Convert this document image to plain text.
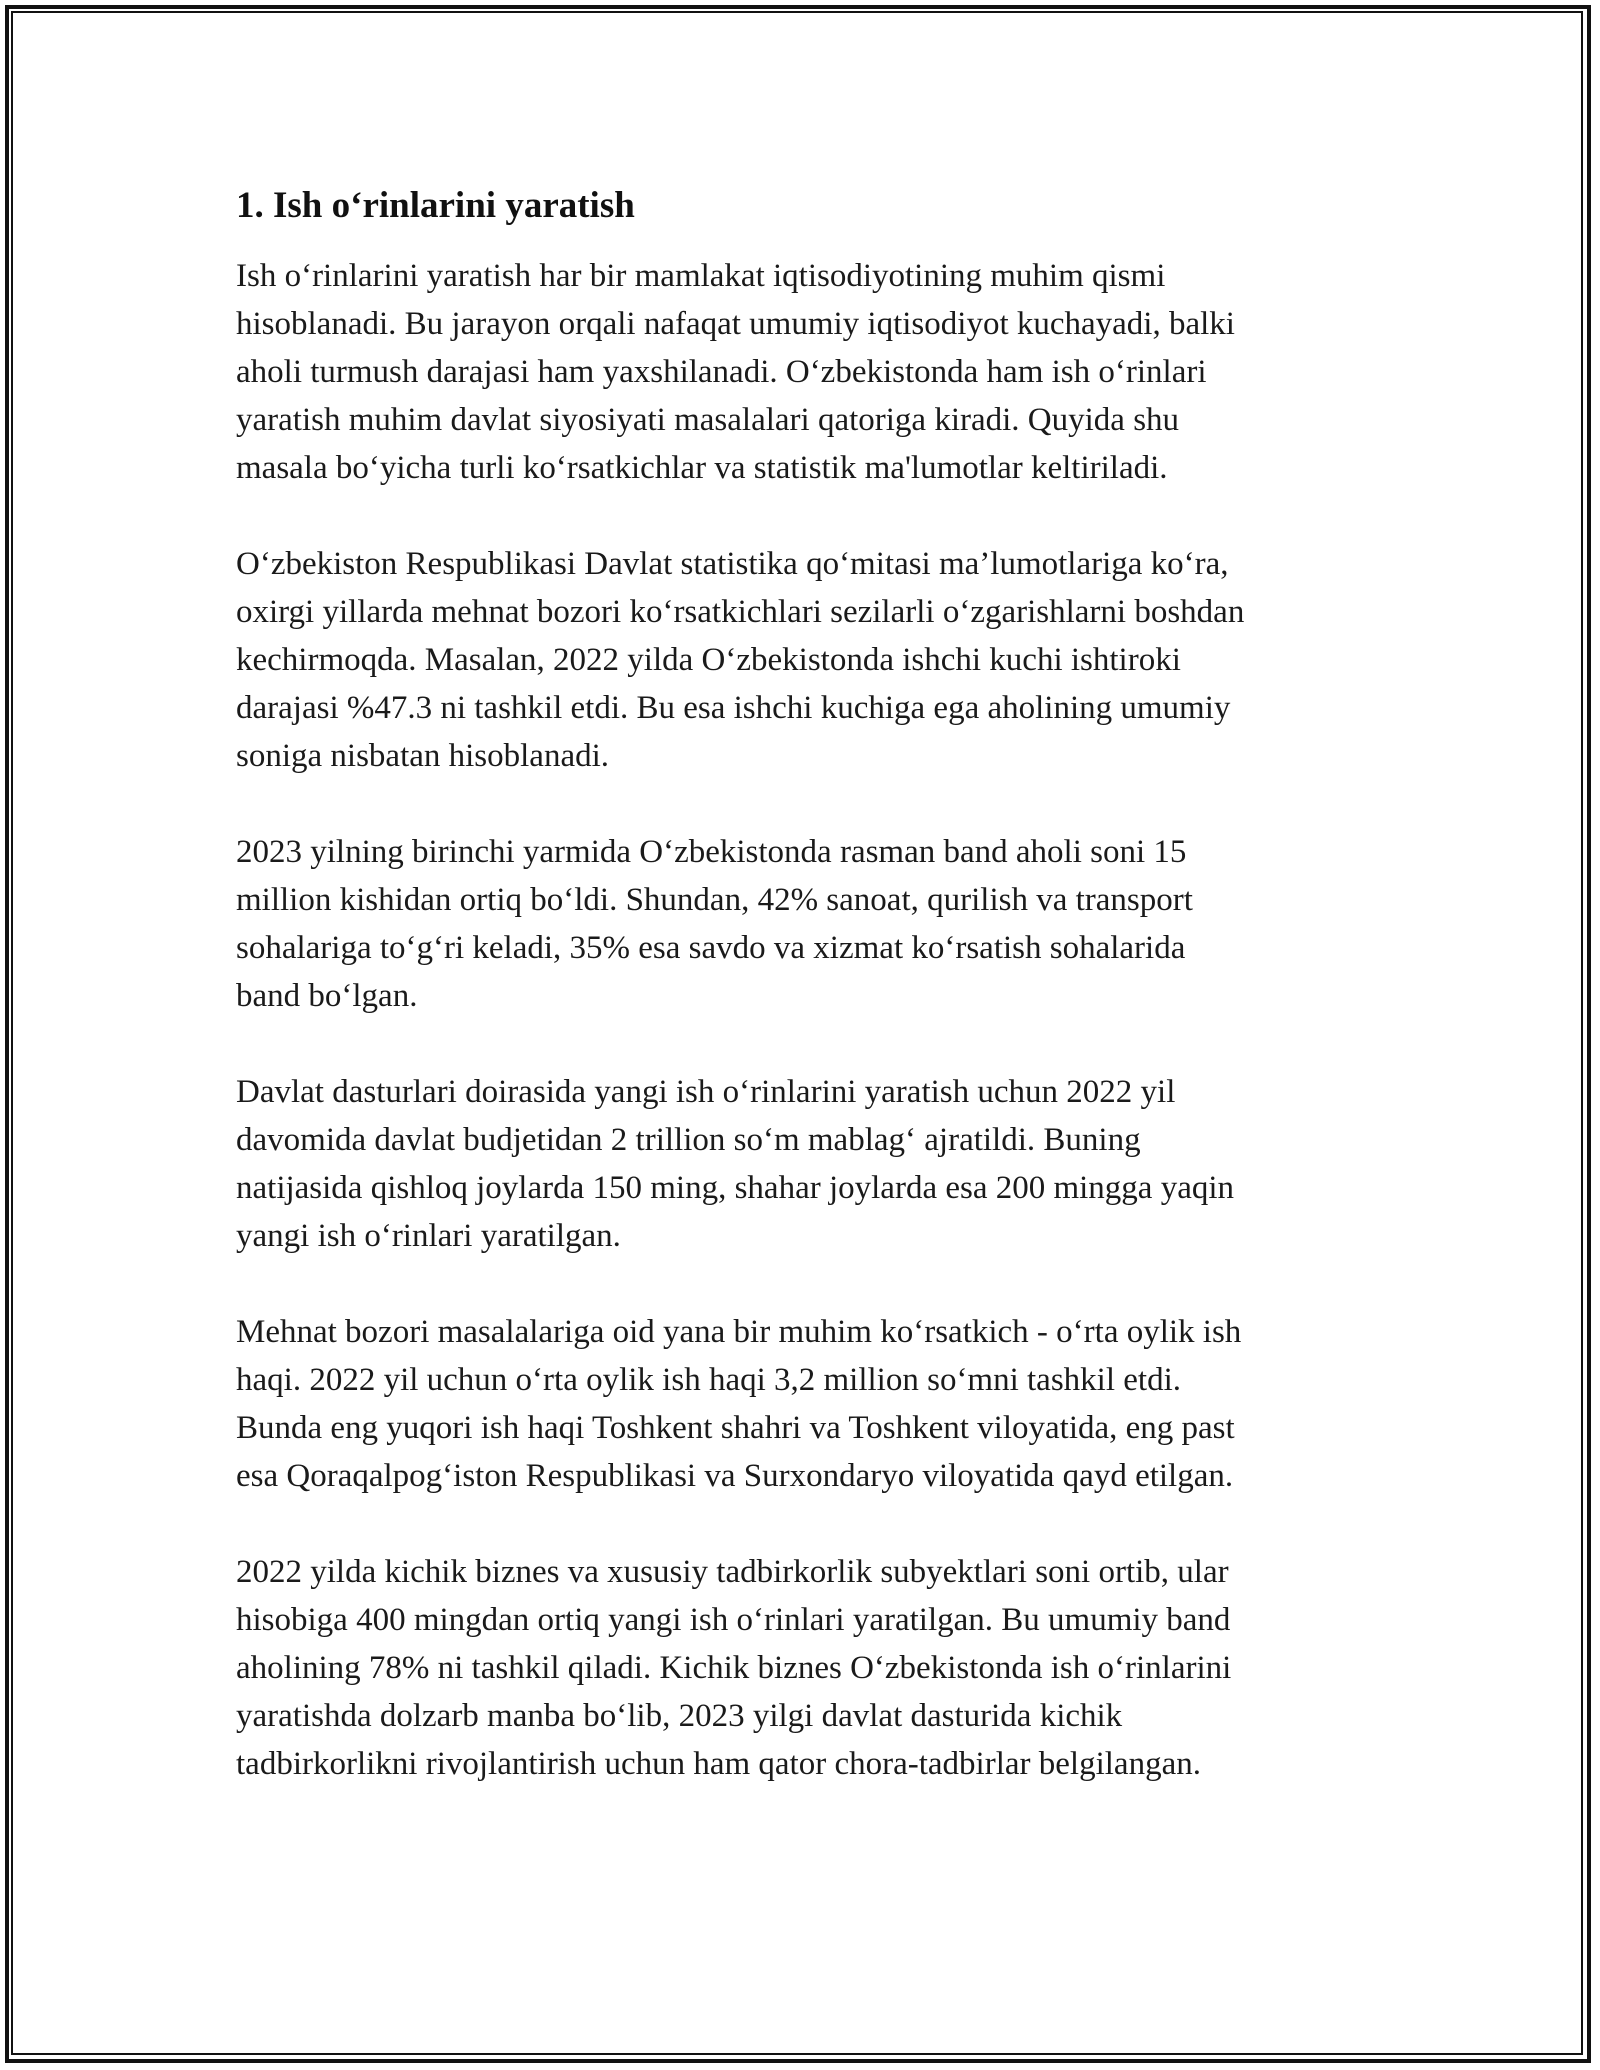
1. Ish o‘rinlarini yaratish

Ish o‘rinlarini yaratish har bir mamlakat iqtisodiyotining muhim qismi
hisoblanadi. Bu jarayon orqali nafaqat umumiy iqtisodiyot kuchayadi, balki
aholi turmush darajasi ham yaxshilanadi. O‘zbekistonda ham ish o‘rinlari
yaratish muhim davlat siyosiyati masalalari qatoriga kiradi. Quyida shu
masala bo‘yicha turli ko‘rsatkichlar va statistik ma'lumotlar keltiriladi.

O‘zbekiston Respublikasi Davlat statistika qo‘mitasi ma’lumotlariga ko‘ra,
oxirgi yillarda mehnat bozori ko‘rsatkichlari sezilarli o‘zgarishlarni boshdan
kechirmoqda. Masalan, 2022 yilda O‘zbekistonda ishchi kuchi ishtiroki
darajasi %47.3 ni tashkil etdi. Bu esa ishchi kuchiga ega aholining umumiy
soniga nisbatan hisoblanadi.

2023 yilning birinchi yarmida O‘zbekistonda rasman band aholi soni 15
million kishidan ortiq bo‘ldi. Shundan, 42% sanoat, qurilish va transport
sohalariga to‘g‘ri keladi, 35% esa savdo va xizmat ko‘rsatish sohalarida
band bo‘lgan.

Davlat dasturlari doirasida yangi ish o‘rinlarini yaratish uchun 2022 yil
davomida davlat budjetidan 2 trillion so‘m mablag‘ ajratildi. Buning
natijasida qishloq joylarda 150 ming, shahar joylarda esa 200 mingga yaqin
yangi ish o‘rinlari yaratilgan.

Mehnat bozori masalalariga oid yana bir muhim ko‘rsatkich - o‘rta oylik ish
haqi. 2022 yil uchun o‘rta oylik ish haqi 3,2 million so‘mni tashkil etdi.
Bunda eng yuqori ish haqi Toshkent shahri va Toshkent viloyatida, eng past
esa Qoraqalpog‘iston Respublikasi va Surxondaryo viloyatida qayd etilgan.

2022 yilda kichik biznes va xususiy tadbirkorlik subyektlari soni ortib, ular
hisobiga 400 mingdan ortiq yangi ish o‘rinlari yaratilgan. Bu umumiy band
aholining 78% ni tashkil qiladi. Kichik biznes O‘zbekistonda ish o‘rinlarini
yaratishda dolzarb manba bo‘lib, 2023 yilgi davlat dasturida kichik
tadbirkorlikni rivojlantirish uchun ham qator chora-tadbirlar belgilangan.
